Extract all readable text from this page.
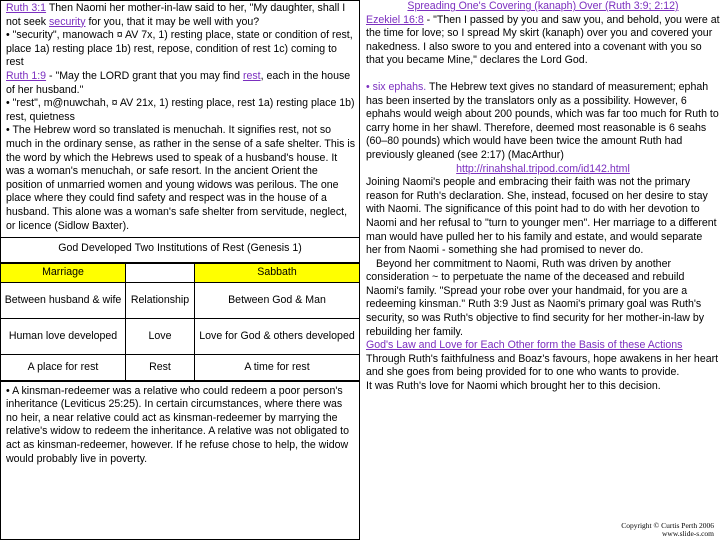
Ruth 3:1 Then Naomi her mother-in-law said to her, "My daughter, shall I not seek security for you, that it may be well with you?

• "security", manowach ¤ AV 7x, 1) resting place, state or condition of rest, place 1a) resting place 1b) rest, repose, condition of rest 1c) coming to rest

Ruth 1:9 - "May the LORD grant that you may find rest, each in the house of her husband."

• "rest", m@nuwchah, ¤ AV 21x, 1) resting place, rest 1a) resting place 1b) rest, quietness

• The Hebrew word so translated is menuchah. It signifies rest, not so much in the ordinary sense, as rather in the sense of a safe shelter. This is the word by which the Hebrews used to speak of a husband's house. It was a woman's menuchah, or safe resort. In the ancient Orient the position of unmarried women and young widows was perilous. The one place where they could find safety and respect was in the house of a husband. This alone was a woman's safe shelter from servitude, neglect, or licence (Sidlow Baxter).

God Developed Two Institutions of Rest (Genesis 1)
Marriage		Sabbath
Between husband & wife	Relationship	Between God & Man
Human love developed	Love	Love for God & others developed
A place for rest	Rest	A time for rest
• A kinsman-redeemer was a relative who could redeem a poor person's inheritance (Leviticus 25:25). In certain circumstances, where there was no heir, a near relative could act as kinsman-redeemer by marrying the relative's widow to redeem the inheritance. A relative was not obligated to act as kinsman-redeemer, however. If he refuse chose to help, the widow would probably live in poverty.

Spreading One's Covering (kanaph) Over (Ruth 3:9; 2:12)

Ezekiel 16:8 - "Then I passed by you and saw you, and behold, you were at the time for love; so I spread My skirt (kanaph) over you and covered your nakedness. I also swore to you and entered into a covenant with you so that you became Mine," declares the Lord God.

• six ephahs. The Hebrew text gives no standard of measurement; ephah has been inserted by the translators only as a possibility. However, 6 ephahs would weigh about 200 pounds, which was far too much for Ruth to carry home in her shawl. Therefore, deemed most reasonable is 6 seahs (60–80 pounds) which would have been twice the amount Ruth had previously gleaned (see 2:17) (MacArthur)

http://rinahshal.tripod.com/id142.html

Joining Naomi's people and embracing their faith was not the primary reason for Ruth's declaration. She, instead, focused on her desire to stay with Naomi. The significance of this point had to do with her devotion to Naomi and her refusal to "turn to younger men". Her marriage to a different man would have pulled her to his family and estate, and would separate her from Naomi - something she had promised to never do.

Beyond her commitment to Naomi, Ruth was driven by another consideration ~ to perpetuate the name of the deceased and rebuild Naomi's family. "Spread your robe over your handmaid, for you are a redeeming kinsman." Ruth 3:9 Just as Naomi's primary goal was Ruth's security, so was Ruth's objective to find security for her mother-in-law by rebuilding her family.

God's Law and Love for Each Other form the Basis of these Actions

Through Ruth's faithfulness and Boaz's favours, hope awakens in her heart and she goes from being provided for to one who wants to provide.

It was Ruth's love for Naomi which brought her to this decision.

Copyright © Curtis Perth 2006
www.slide-s.com
